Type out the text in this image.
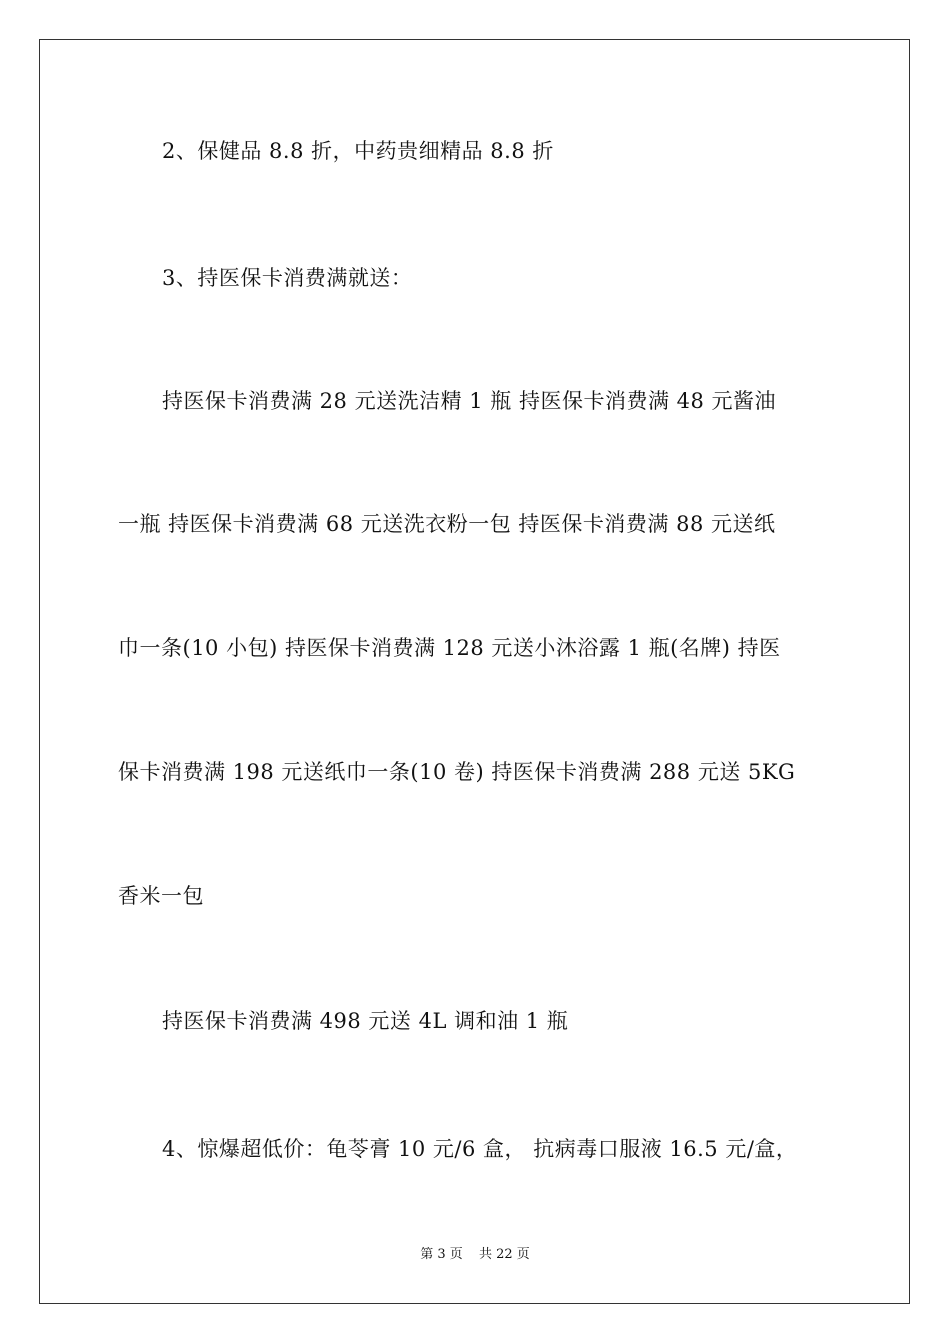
2、保健品 8.8 折，中药贵细精品 8.8 折
3、持医保卡消费满就送：
持医保卡消费满 28 元送洗洁精 1 瓶 持医保卡消费满 48 元酱油
一瓶 持医保卡消费满 68 元送洗衣粉一包 持医保卡消费满 88 元送纸
巾一条(10 小包) 持医保卡消费满 128 元送小沐浴露 1 瓶(名牌) 持医
保卡消费满 198 元送纸巾一条(10 卷) 持医保卡消费满 288 元送 5KG
香米一包
持医保卡消费满 498 元送 4L 调和油 1 瓶
4、惊爆超低价：龟苓膏 10 元/6 盒， 抗病毒口服液 16.5 元/盒，
第 3 页 共 22 页
